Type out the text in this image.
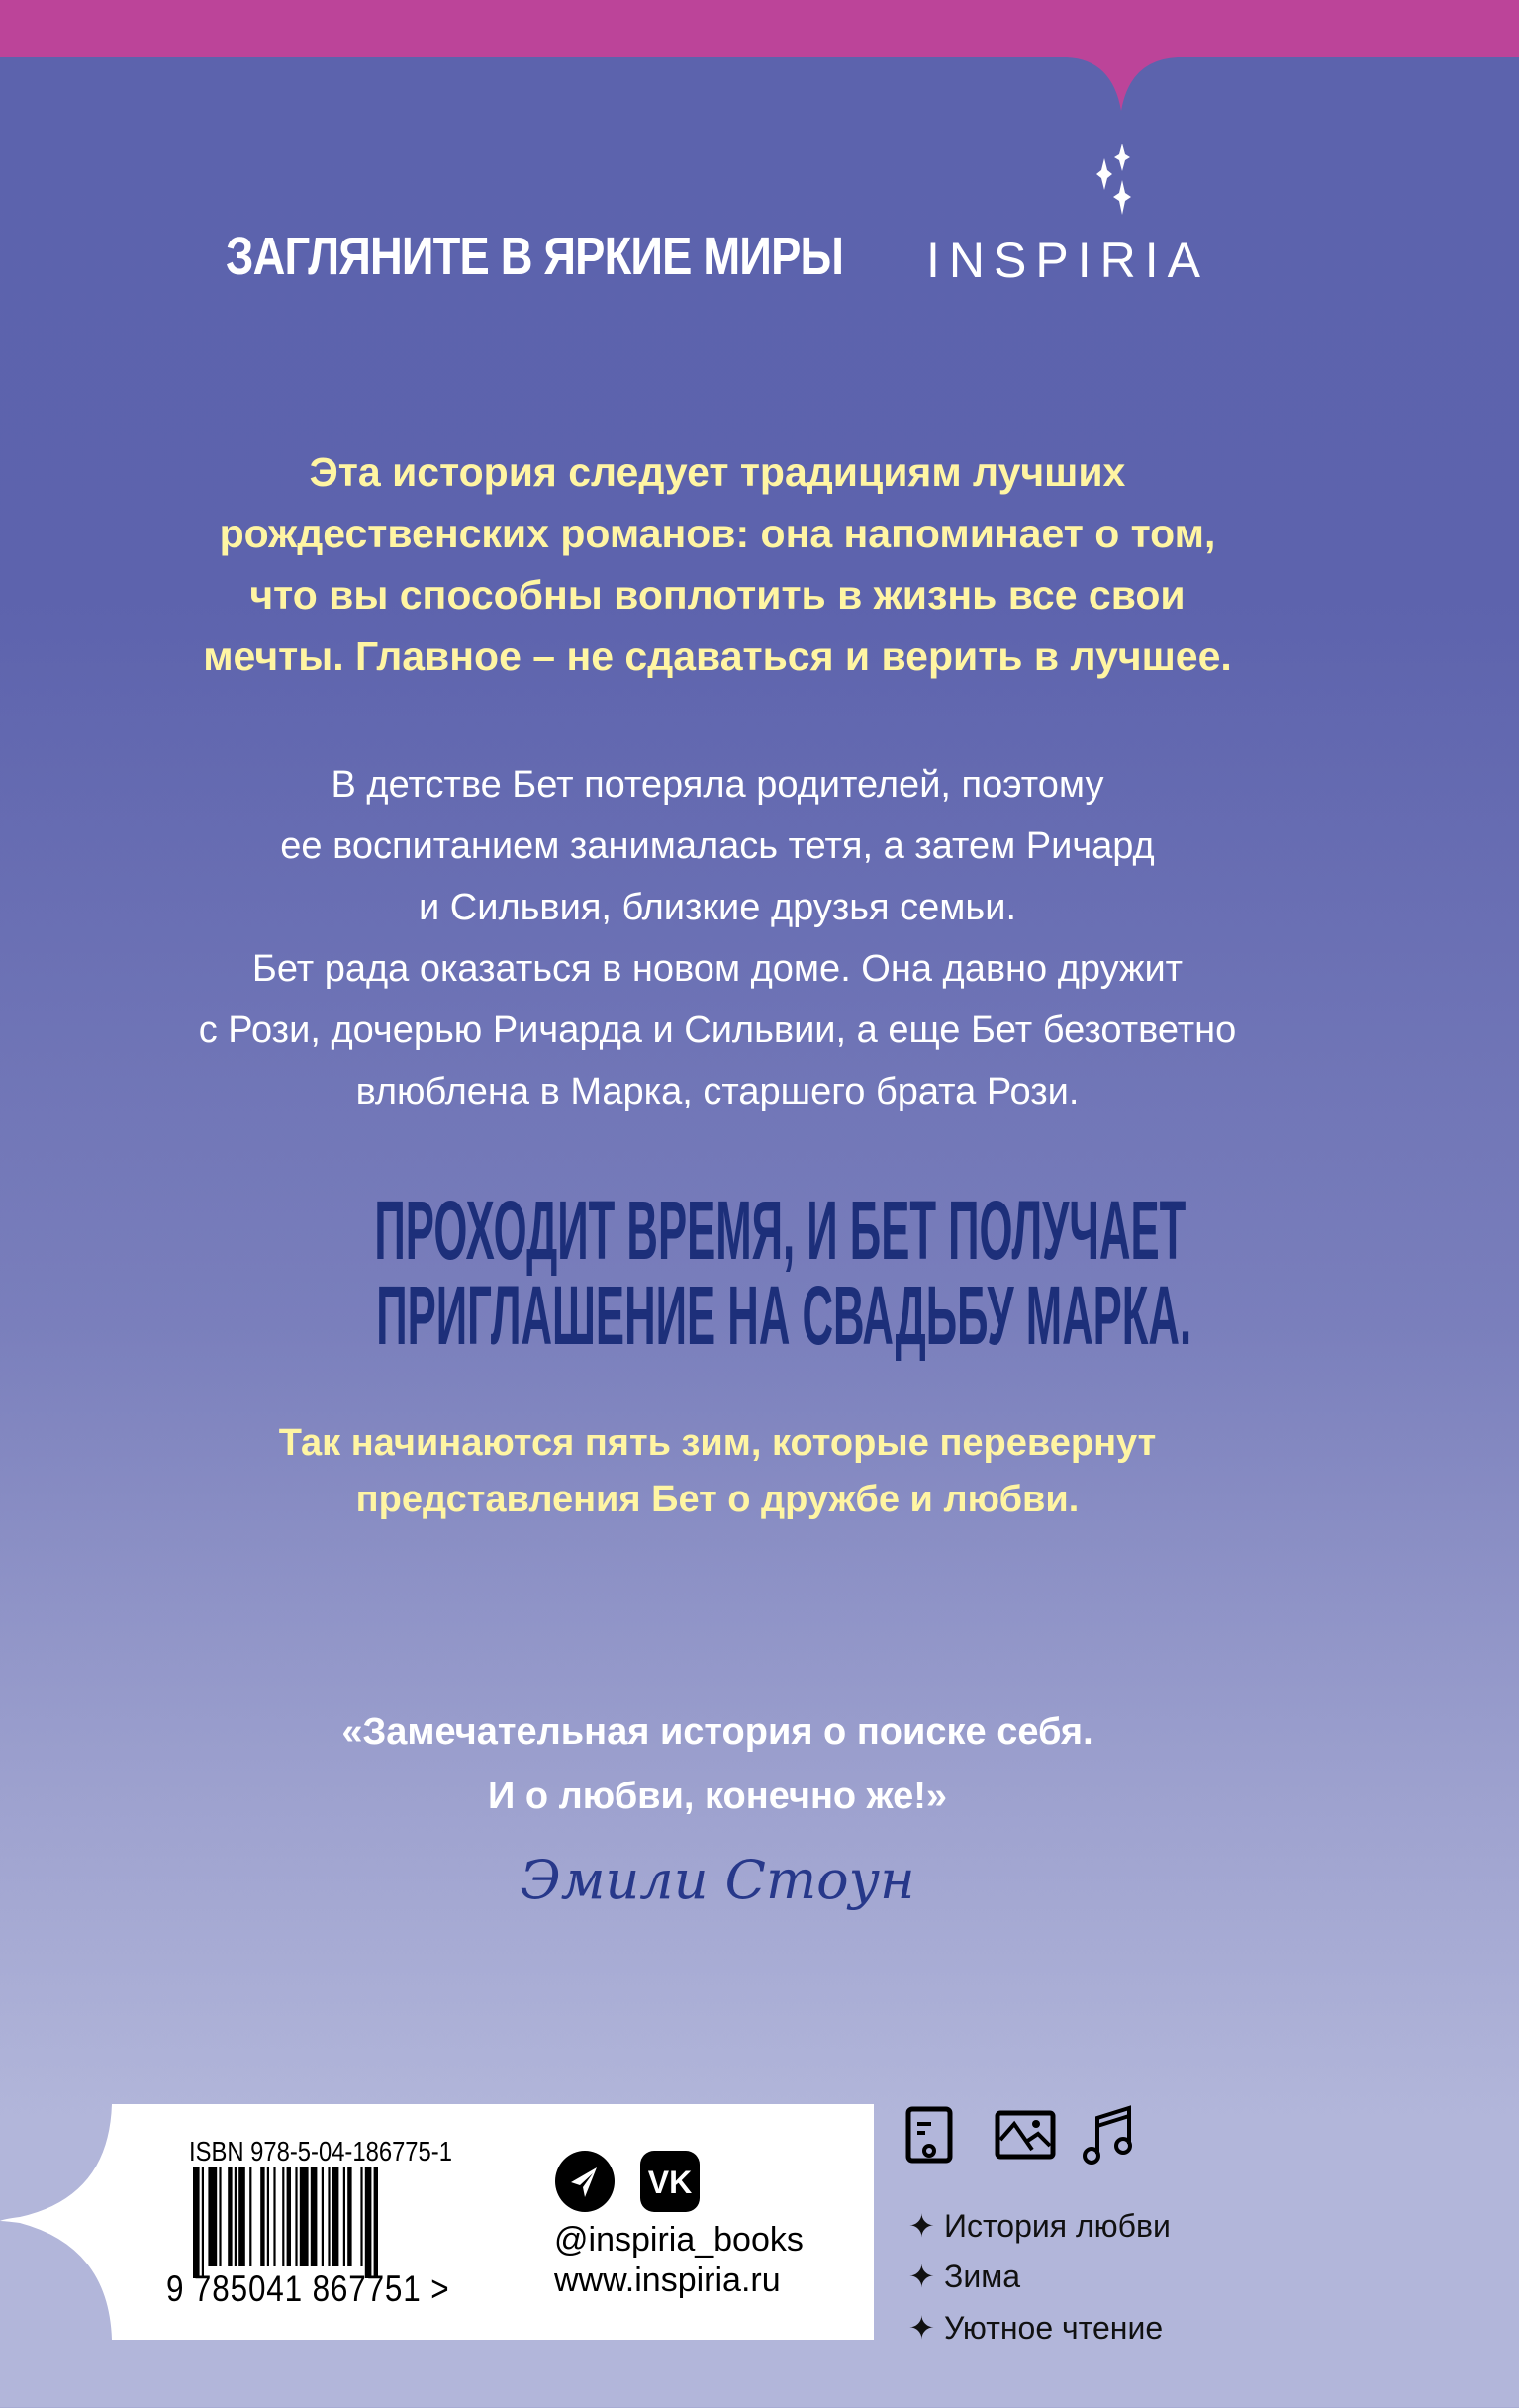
ЗАГЛЯНИТЕ В ЯРКИЕ МИРЫ INSPIRIA
Эта история следует традициям лучших
рождественских романов: она напоминает о том,
что вы способны воплотить в жизнь все свои
мечты. Главное – не сдаваться и верить в лучшее.
В детстве Бет потеряла родителей, поэтому
ее воспитанием занималась тетя, а затем Ричард
и Сильвия, близкие друзья семьи.
Бет рада оказаться в новом доме. Она давно дружит
с Рози, дочерью Ричарда и Сильвии, а еще Бет безответно
влюблена в Марка, старшего брата Рози.
ПРОХОДИТ ВРЕМЯ, И БЕТ ПОЛУЧАЕТ
ПРИГЛАШЕНИЕ НА СВАДЬБУ МАРКА.
Так начинаются пять зим, которые перевернут
представления Бет о дружбе и любви.
«Замечательная история о поиске себя.
И о любви, конечно же!»
Эмили Стоун
ISBN 978-5-04-186775-1
9 785041 867751 >
VK
@inspiria_books
www.inspiria.ru
✦ История любви
✦ Зима
✦ Уютное чтение
